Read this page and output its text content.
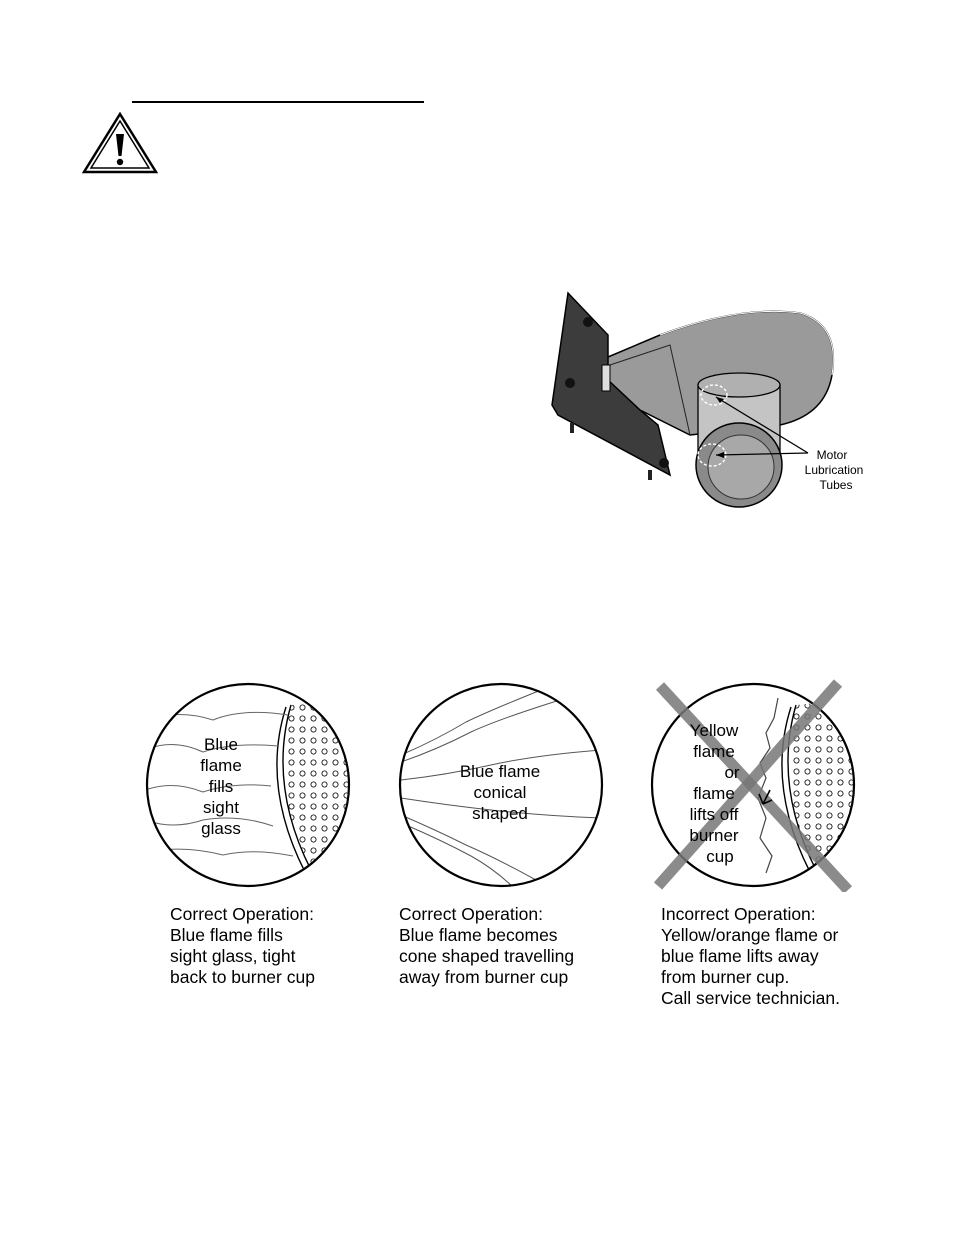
Motor
Lubrication
Tubes
Blue
flame
fills
sight
glass
Blue flame
conical
shaped
Yellow
flame
or
flame
lifts off
burner
cup
Correct Operation:
Blue flame fills
sight glass, tight
back to burner cup
Correct Operation:
Blue flame becomes
cone shaped travelling
away from burner cup
Incorrect Operation:
Yellow/orange flame or
blue flame lifts away
from burner cup.
Call service technician.
